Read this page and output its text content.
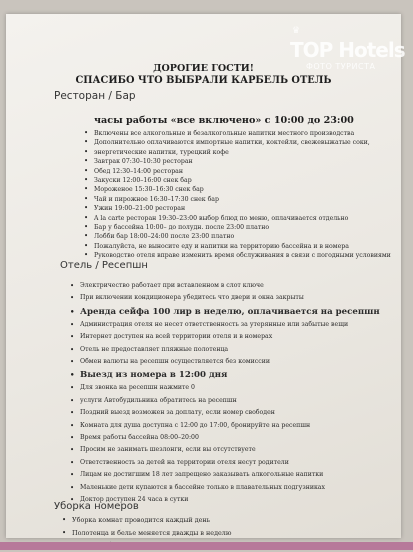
ДОРОГИЕ ГОСТИ!
СПАСИБО ЧТО ВЫБРАЛИ КАРБЕЛЬ ОТЕЛЬ
Ресторан / Бар
часы работы «все включено» с 10:00 до 23:00
• Включены все алкогольные и безалкогольные напитки местного производства
• Дополнительно оплачиваются импортные напитки, коктейли, свежевыжатые соки,
• энергетические напитки, турецкий кофе
• Завтрак 07:30–10:30 ресторан
• Обед 12:30–14:00 ресторан
• Закуски 12:00–16:00 снек бар
• Мороженое 15:30–16:30 снек бар
• Чай и пирожное 16:30–17:30 снек бар
• Ужин 19:00–21:00 ресторан
• A la carte ресторан 19:30–23:00 выбор блюд по меню, оплачивается отдельно
• Бар у бассейна 10:00– до полудн. после 23:00 платно
• Лобби бар 18:00–24:00 после 23:00 платно
• Пожалуйста, не выносите еду и напитки на территорию бассейна и в номера
• Руководство отеля вправе изменить время обслуживания в связи с погодными условиями
Отель / Ресепшн
• Электричество работает при вставленном в слот ключе
• При включении кондиционера убедитесь что двери и окна закрыты
• Аренда сейфа 100 лир в неделю, оплачивается на ресепшн
• Администрация отеля не несет ответственность за утерянные или забытые вещи
• Интернет доступен на всей территории отеля и в номерах
• Отель не предоставляет пляжные полотенца
• Обмен валюты на ресепшн осуществляется без комиссии
• Выезд из номера в 12:00 дня
• Для звонка на ресепшн нажмите 0
• услуги Автобудильника обратитесь на ресепшн
• Поздний выезд возможен за доплату, если номер свободен
• Комната для душа доступна с 12:00 до 17:00, бронируйте на ресепшн
• Время работы бассейна 08:00–20:00
• Просим не занимать шезлонги, если вы отсутствуете
• Ответственность за детей на территории отеля несут родители
• Лицам не достигшим 18 лет запрещено заказывать алкогольные напитки
• Маленькие дети купаются в бассейне только в плавательных подгузниках
• Доктор доступен 24 часа в сутки
Уборка номеров
• Уборка комнат проводится каждый день
• Полотенца и белье меняется дважды в неделю
•
♛
TOP Hotels
ФОТО ТУРИСТА
